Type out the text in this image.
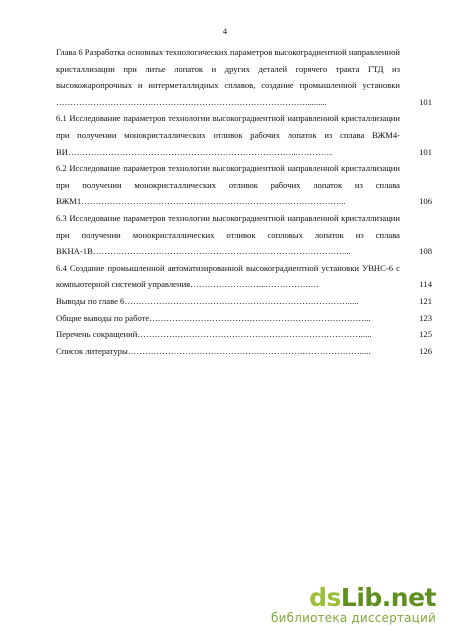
4
Глава 6 Разработка основных технологических параметров высокоградиентной направленной кристаллизации при литье лопаток и других деталей горячего тракта ГТД из высокожаропрочных и интерметаллидных сплавов, создание промышленной установки ……………………………………………………………………………..........	101
6.1 Исследование параметров технологии высокоградиентной направленной кристаллизации при получении монокристаллических отливок рабочих лопаток из сплава ВЖМ4-ВИ……………………………………………………………………...…………	101
6.2 Исследование параметров технологии высокоградиентной направленной кристаллизации при получении монокристаллических отливок рабочих лопаток из сплава ВЖМ1………………………………………………………………………………...	106
6.3 Исследование параметров технологии высокоградиентной направленной кристаллизации при получении монокристаллических отливок сопловых лопаток из сплава ВКНА-1В……………………………………………………………………………....	108
6.4 Создание промышленной автоматизированной высокоградиентной установки УВНС-6 с компьютерной системой управления……………………...…………….…	114
Выводы по главе 6…………………………………………………………………….....	121
Общие выводы по работе…………………………………………………………………...	123
Перечень сокращений…………………………………………………………………….....	125
Список литературы……………………………………………………………………….....	126
dsLib.net
библиотека диссертаций
